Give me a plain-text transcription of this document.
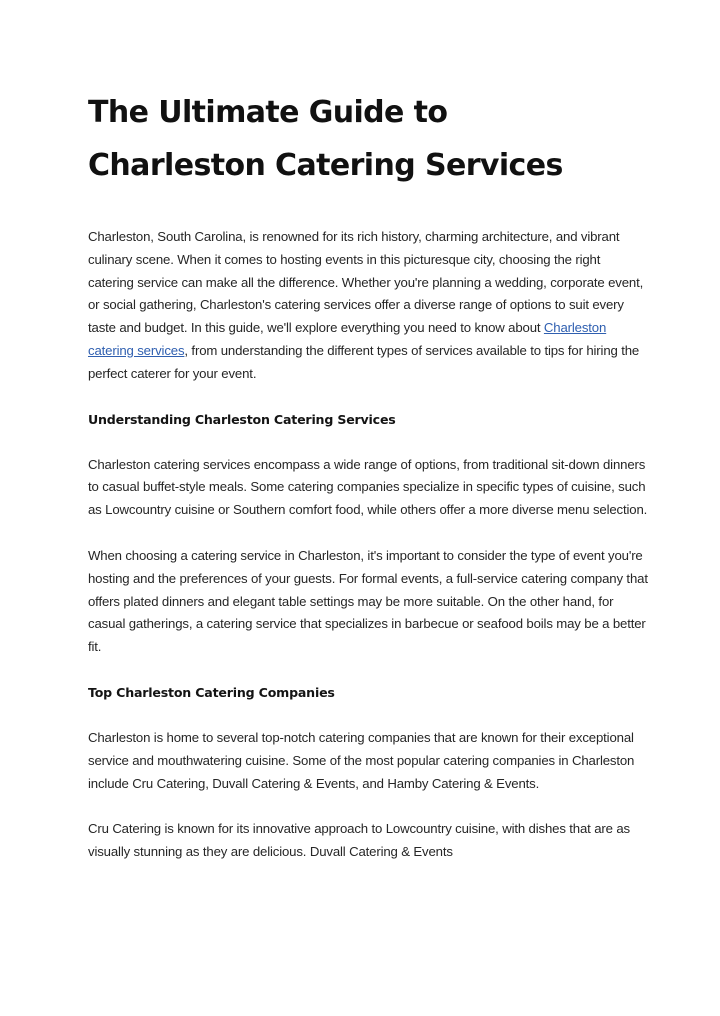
The Ultimate Guide to Charleston Catering Services

Charleston, South Carolina, is renowned for its rich history, charming architecture, and vibrant culinary scene. When it comes to hosting events in this picturesque city, choosing the right catering service can make all the difference. Whether you're planning a wedding, corporate event, or social gathering, Charleston's catering services offer a diverse range of options to suit every taste and budget. In this guide, we'll explore everything you need to know about Charleston catering services, from understanding the different types of services available to tips for hiring the perfect caterer for your event.

Understanding Charleston Catering Services

Charleston catering services encompass a wide range of options, from traditional sit-down dinners to casual buffet-style meals. Some catering companies specialize in specific types of cuisine, such as Lowcountry cuisine or Southern comfort food, while others offer a more diverse menu selection.

When choosing a catering service in Charleston, it's important to consider the type of event you're hosting and the preferences of your guests. For formal events, a full-service catering company that offers plated dinners and elegant table settings may be more suitable. On the other hand, for casual gatherings, a catering service that specializes in barbecue or seafood boils may be a better fit.

Top Charleston Catering Companies

Charleston is home to several top-notch catering companies that are known for their exceptional service and mouthwatering cuisine. Some of the most popular catering companies in Charleston include Cru Catering, Duvall Catering & Events, and Hamby Catering & Events.

Cru Catering is known for its innovative approach to Lowcountry cuisine, with dishes that are as visually stunning as they are delicious. Duvall Catering & Events
